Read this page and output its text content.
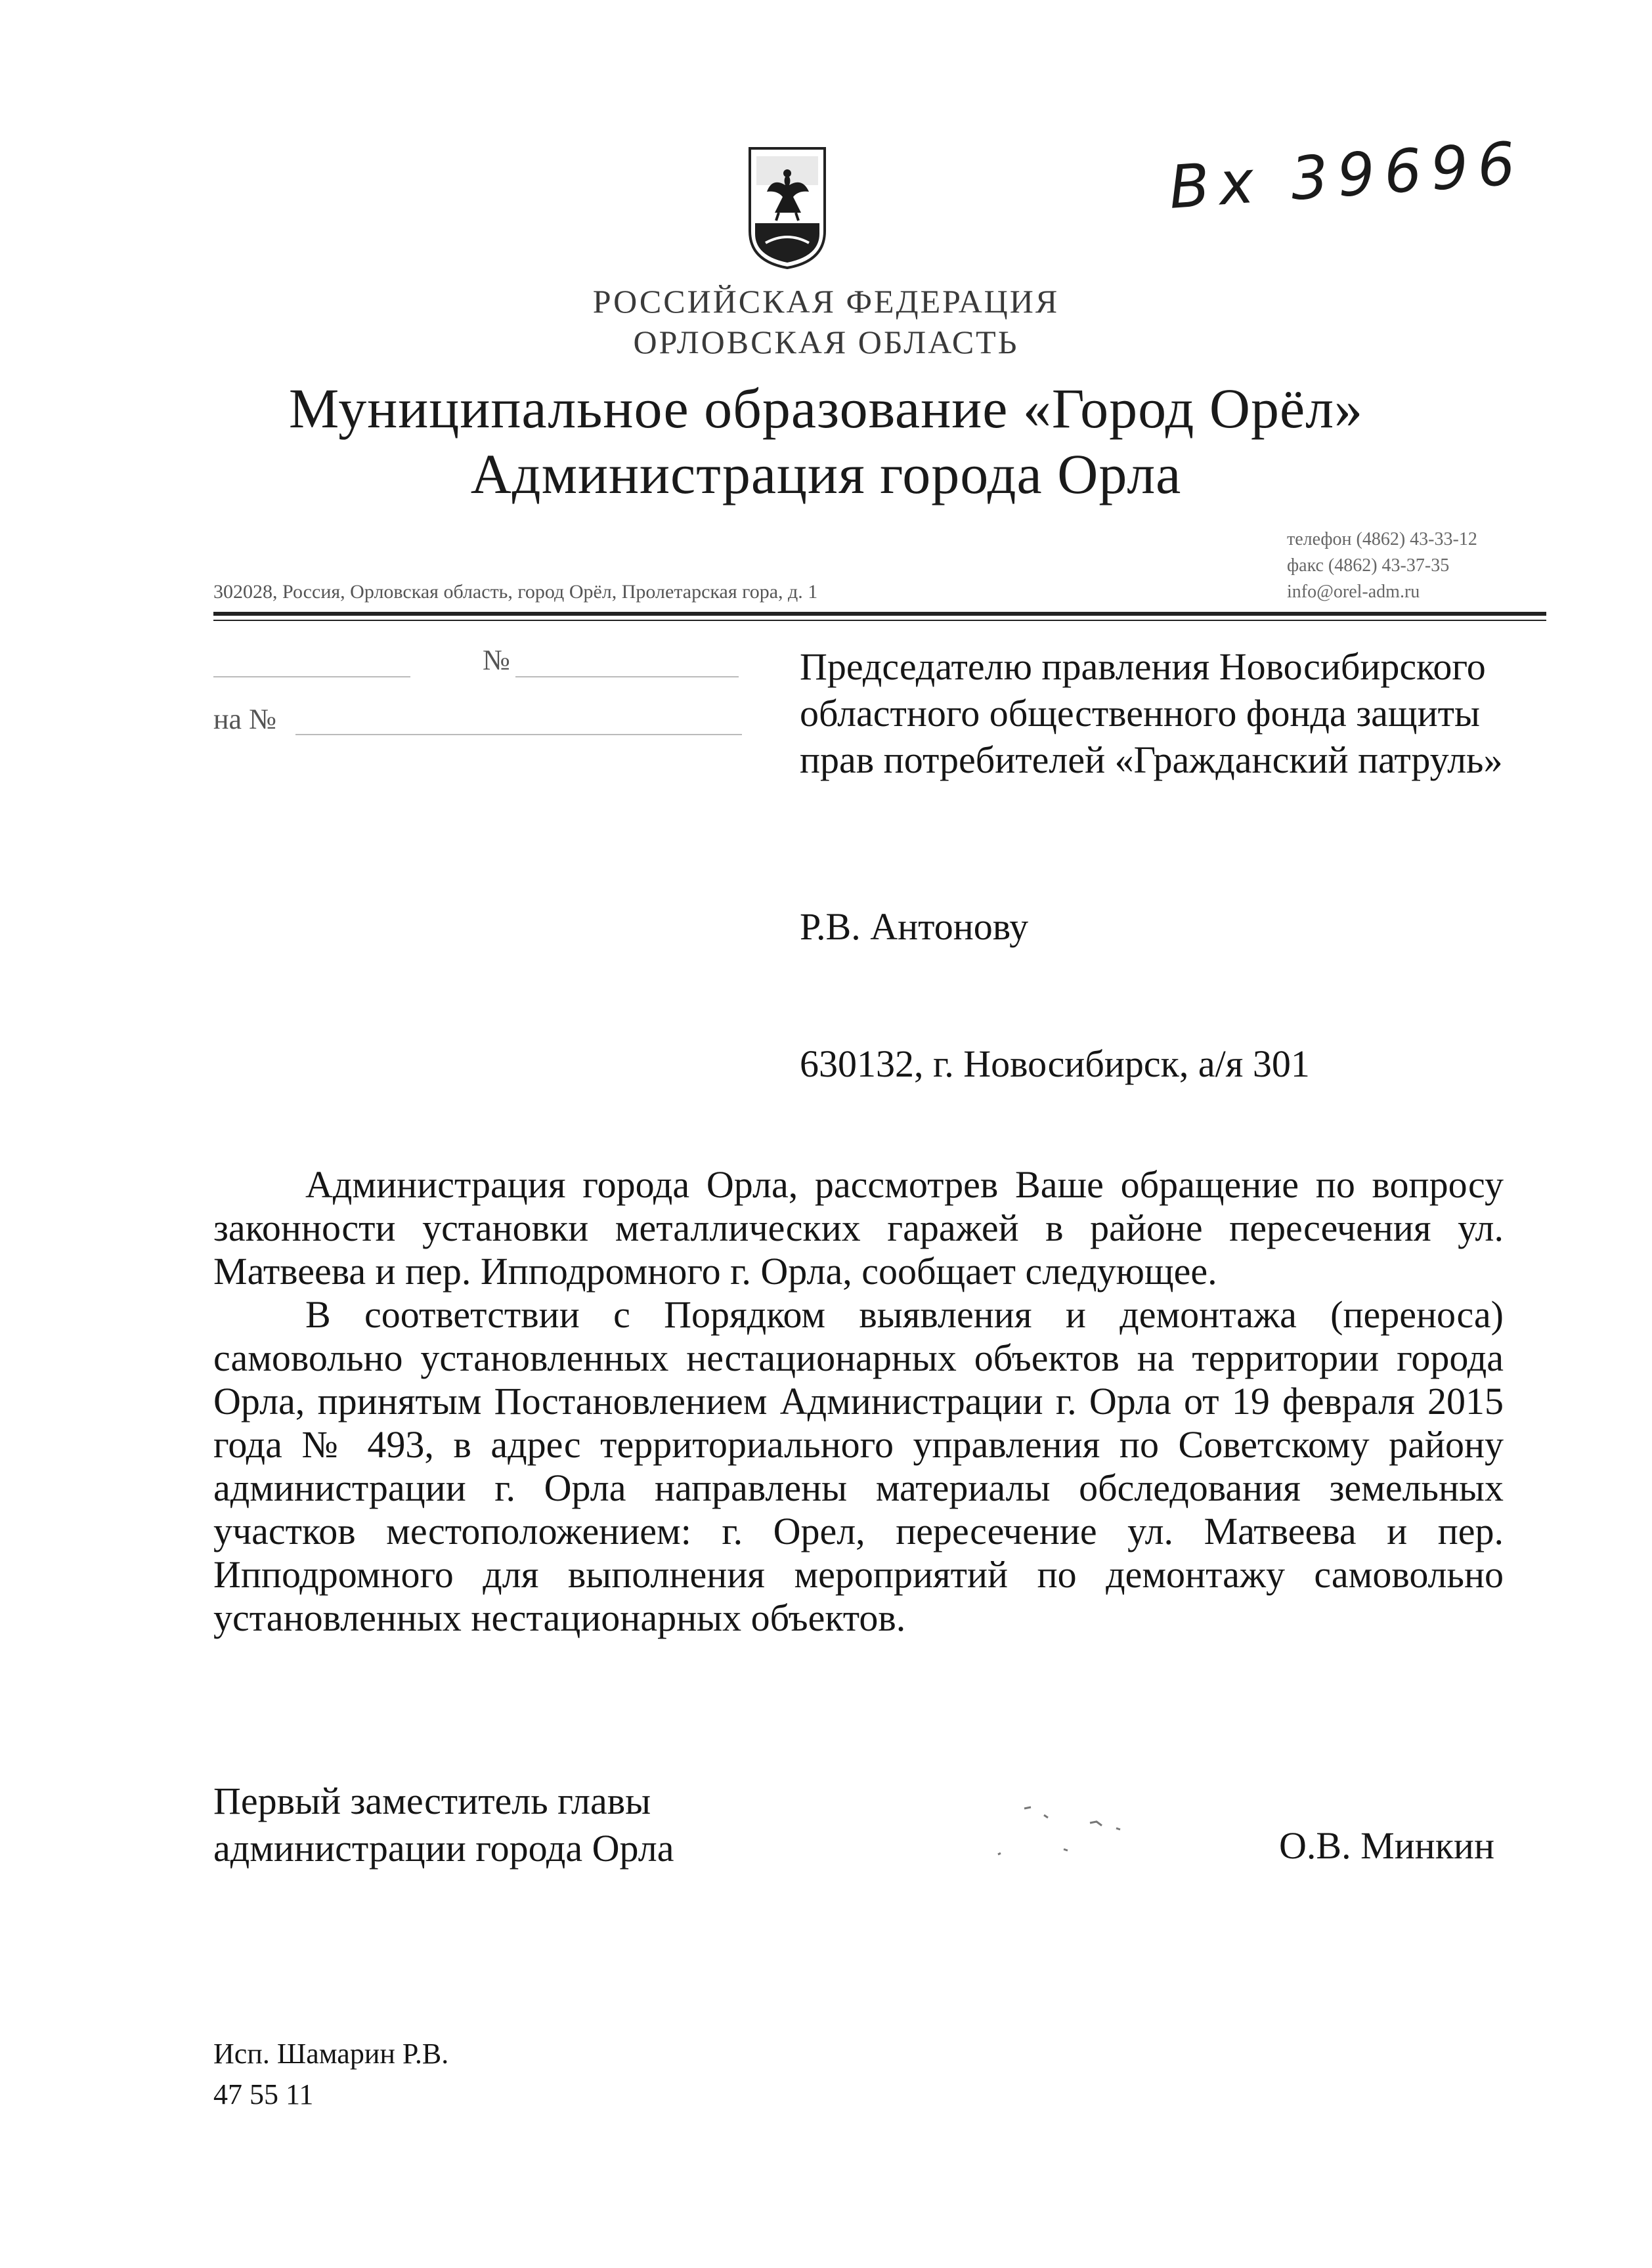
Вх 39696
РОССИЙСКАЯ ФЕДЕРАЦИЯ
ОРЛОВСКАЯ ОБЛАСТЬ
Муниципальное образование «Город Орёл»
Администрация города Орла
телефон (4862) 43-33-12
факс (4862) 43-37-35
info@orel-adm.ru
302028, Россия, Орловская область, город Орёл, Пролетарская гора, д. 1
№
на №
Председателю правления Новосибирского областного общественного фонда защиты прав потребителей «Гражданский патруль»
Р.В. Антонову
630132, г. Новосибирск, а/я 301

Администрация города Орла, рассмотрев Ваше обращение по вопросу законности установки металлических гаражей в районе пересечения ул. Матвеева и пер. Ипподромного г. Орла, сообщает следующее.

В соответствии с Порядком выявления и демонтажа (переноса) самовольно установленных нестационарных объектов на территории города Орла, принятым Постановлением Администрации г. Орла от 19 февраля 2015 года № 493, в адрес территориального управления по Советскому району администрации г. Орла направлены материалы обследования земельных участков местоположением: г. Орел, пересечение ул. Матвеева и пер. Ипподромного для выполнения мероприятий по демонтажу самовольно установленных нестационарных объектов.

Первый заместитель главы
администрации города Орла	О.В. Минкин
Исп. Шамарин Р.В.
47 55 11
